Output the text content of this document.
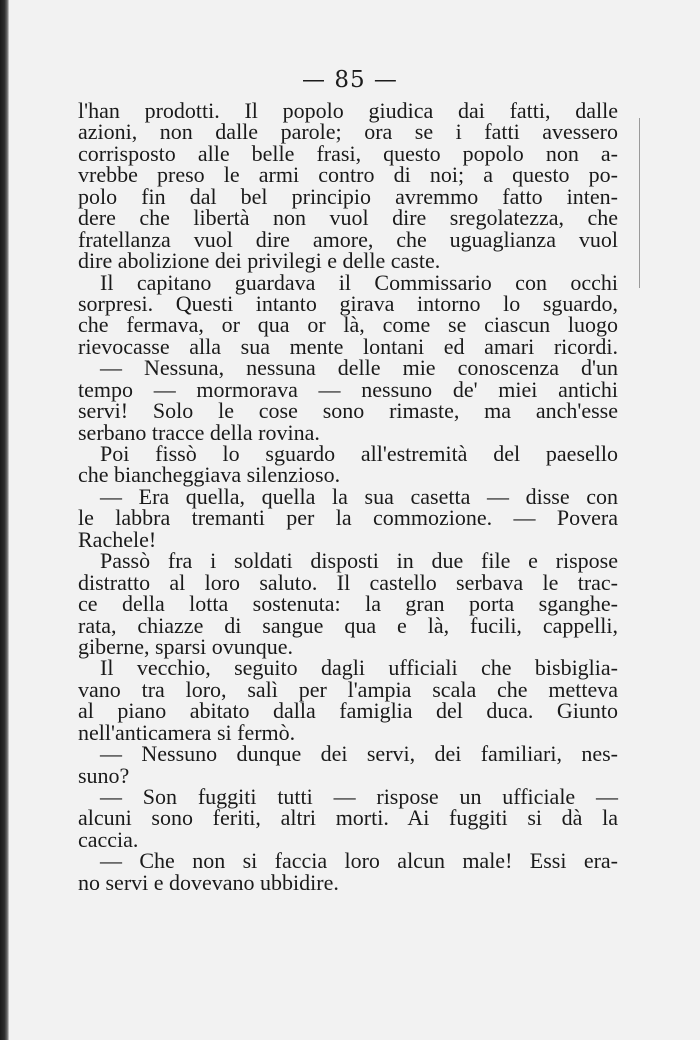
— 85 —
l'han prodotti. Il popolo giudica dai fatti, dalle
azioni, non dalle parole; ora se i fatti avessero
corrisposto alle belle frasi, questo popolo non a-
vrebbe preso le armi contro di noi; a questo po-
polo fin dal bel principio avremmo fatto inten-
dere che libertà non vuol dire sregolatezza, che
fratellanza vuol dire amore, che uguaglianza vuol
dire abolizione dei privilegi e delle caste.
Il capitano guardava il Commissario con occhi
sorpresi. Questi intanto girava intorno lo sguardo,
che fermava, or qua or là, come se ciascun luogo
rievocasse alla sua mente lontani ed amari ricordi.
— Nessuna, nessuna delle mie conoscenza d'un
tempo — mormorava — nessuno de' miei antichi
servi! Solo le cose sono rimaste, ma anch'esse
serbano tracce della rovina.
Poi fissò lo sguardo all'estremità del paesello
che biancheggiava silenzioso.
— Era quella, quella la sua casetta — disse con
le labbra tremanti per la commozione. — Povera
Rachele!
Passò fra i soldati disposti in due file e rispose
distratto al loro saluto. Il castello serbava le trac-
ce della lotta sostenuta: la gran porta sganghe-
rata, chiazze di sangue qua e là, fucili, cappelli,
giberne, sparsi ovunque.
Il vecchio, seguito dagli ufficiali che bisbiglia-
vano tra loro, salì per l'ampia scala che metteva
al piano abitato dalla famiglia del duca. Giunto
nell'anticamera si fermò.
— Nessuno dunque dei servi, dei familiari, nes-
suno?
— Son fuggiti tutti — rispose un ufficiale —
alcuni sono feriti, altri morti. Ai fuggiti si dà la
caccia.
— Che non si faccia loro alcun male! Essi era-
no servi e dovevano ubbidire.
